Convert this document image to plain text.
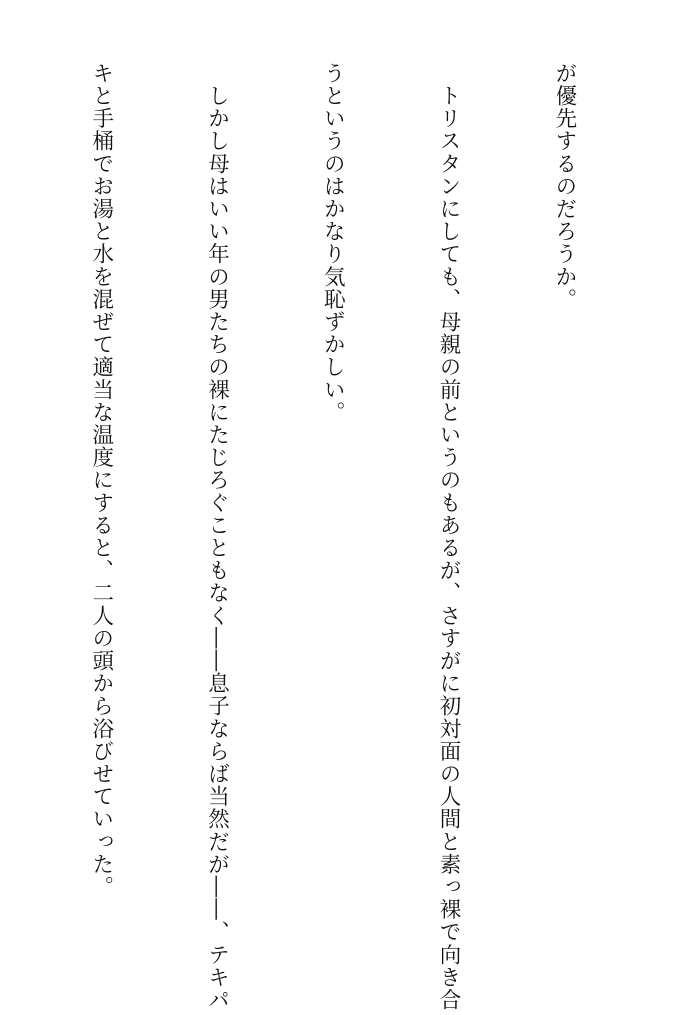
が優先するのだろうか。

　トリスタンにしても、母親の前というのもあるが、さすがに初対面の人間と素っ裸で向き合

うというのはかなり気恥ずかしい。

　しかし母はいい年の男たちの裸にたじろぐこともなく――息子ならば当然だが――、テキパ

キと手桶でお湯と水を混ぜて適当な温度にすると、二人の頭から浴びせていった。
